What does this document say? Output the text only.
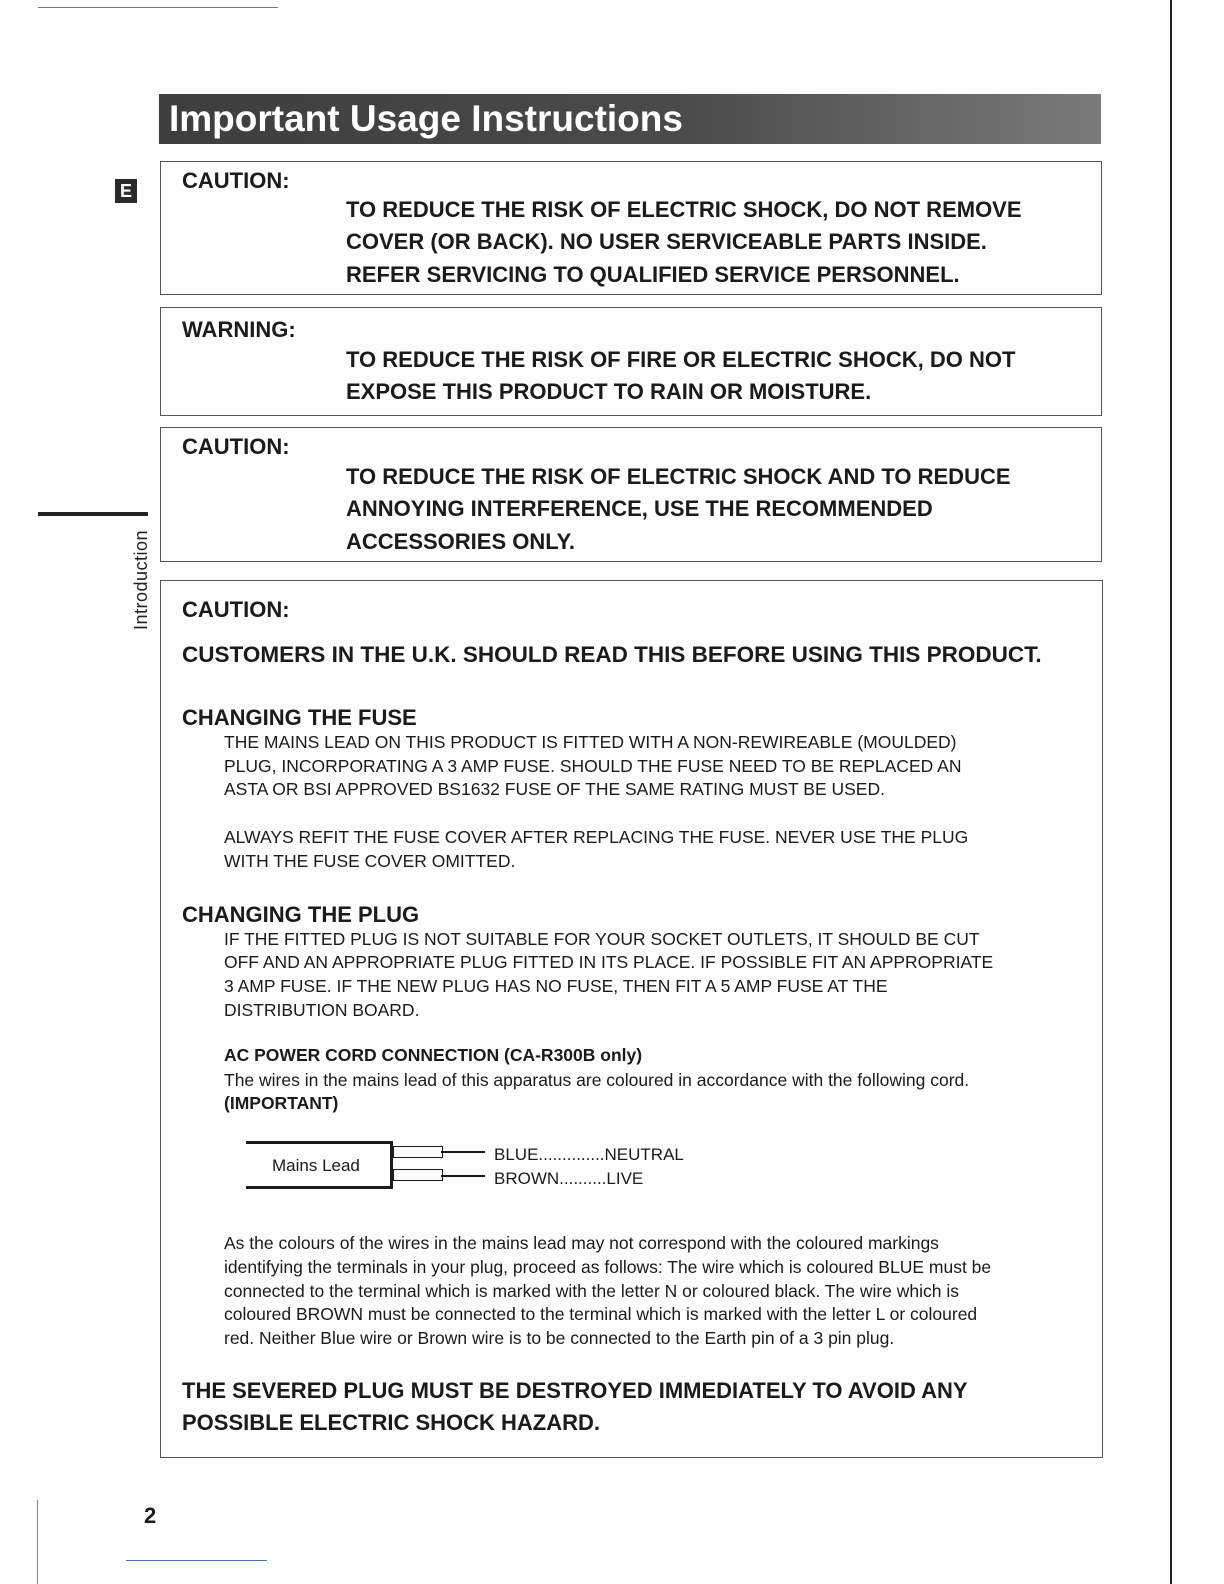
Important Usage Instructions
E
Introduction
CAUTION:
TO REDUCE THE RISK OF ELECTRIC SHOCK, DO NOT REMOVE
COVER (OR BACK). NO USER SERVICEABLE PARTS INSIDE.
REFER SERVICING TO QUALIFIED SERVICE PERSONNEL.
WARNING:
TO REDUCE THE RISK OF FIRE OR ELECTRIC SHOCK, DO NOT
EXPOSE THIS PRODUCT TO RAIN OR MOISTURE.
CAUTION:
TO REDUCE THE RISK OF ELECTRIC SHOCK AND TO REDUCE
ANNOYING INTERFERENCE, USE THE RECOMMENDED
ACCESSORIES ONLY.
CAUTION:
CUSTOMERS IN THE U.K. SHOULD READ THIS BEFORE USING THIS PRODUCT.
CHANGING THE FUSE
THE MAINS LEAD ON THIS PRODUCT IS FITTED WITH A NON-REWIREABLE (MOULDED)
PLUG, INCORPORATING A 3 AMP FUSE. SHOULD THE FUSE NEED TO BE REPLACED AN
ASTA OR BSI APPROVED BS1632 FUSE OF THE SAME RATING MUST BE USED.
ALWAYS REFIT THE FUSE COVER AFTER REPLACING THE FUSE. NEVER USE THE PLUG
WITH THE FUSE COVER OMITTED.
CHANGING THE PLUG
IF THE FITTED PLUG IS NOT SUITABLE FOR YOUR SOCKET OUTLETS, IT SHOULD BE CUT
OFF AND AN APPROPRIATE PLUG FITTED IN ITS PLACE. IF POSSIBLE FIT AN APPROPRIATE
3 AMP FUSE. IF THE NEW PLUG HAS NO FUSE, THEN FIT A 5 AMP FUSE AT THE
DISTRIBUTION BOARD.
AC POWER CORD CONNECTION (CA-R300B only)
The wires in the mains lead of this apparatus are coloured in accordance with the following cord.
(IMPORTANT)
Mains Lead
BLUE..............NEUTRAL
BROWN..........LIVE
As the colours of the wires in the mains lead may not correspond with the coloured markings
identifying the terminals in your plug, proceed as follows: The wire which is coloured BLUE must be
connected to the terminal which is marked with the letter N or coloured black. The wire which is
coloured BROWN must be connected to the terminal which is marked with the letter L or coloured
red. Neither Blue wire or Brown wire is to be connected to the Earth pin of a 3 pin plug.
THE SEVERED PLUG MUST BE DESTROYED IMMEDIATELY TO AVOID ANY
POSSIBLE ELECTRIC SHOCK HAZARD.
2
